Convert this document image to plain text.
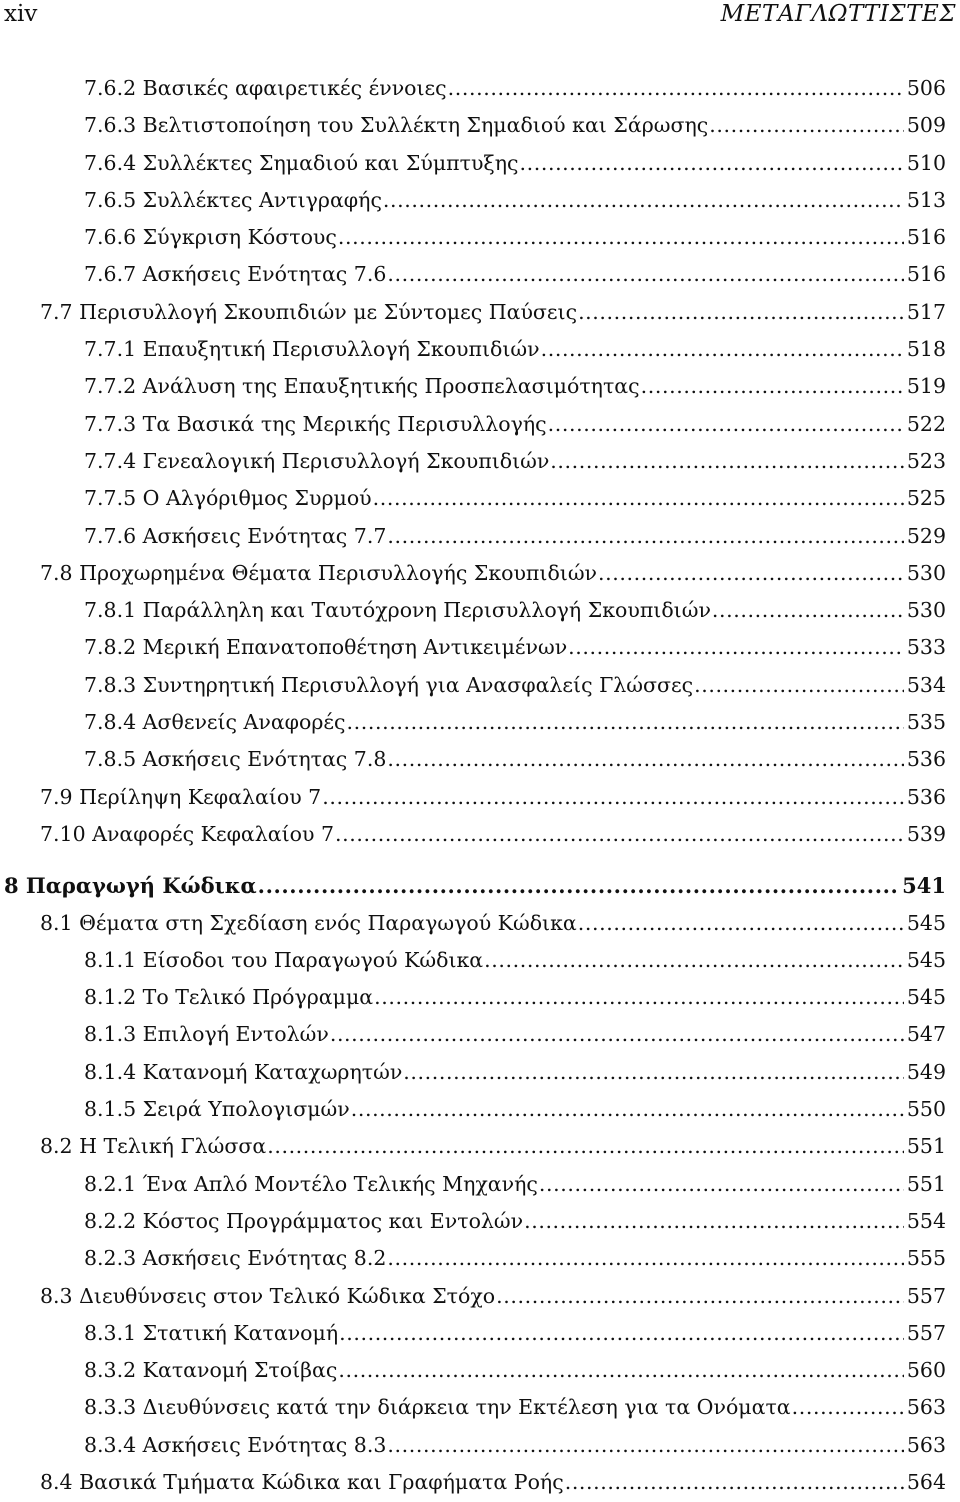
xiv	ΜΕΤΑΓΛΩΤΤΙΣΤΕΣ
7.6.2 Βασικές αφαιρετικές έννοιες .....	506
7.6.3 Βελτιστοποίηση του Συλλέκτη Σημαδιού και Σάρωσης .....	509
7.6.4 Συλλέκτες Σημαδιού και Σύμπτυξης .....	510
7.6.5 Συλλέκτες Αντιγραφής .....	513
7.6.6 Σύγκριση Κόστους .....	516
7.6.7 Ασκήσεις Ενότητας 7.6 .....	516
7.7 Περισυλλογή Σκουπιδιών με Σύντομες Παύσεις .....	517
7.7.1 Επαυξητική Περισυλλογή Σκουπιδιών .....	518
7.7.2 Ανάλυση της Επαυξητικής Προσπελασιμότητας .....	519
7.7.3 Τα Βασικά της Μερικής Περισυλλογής .....	522
7.7.4 Γενεαλογική Περισυλλογή Σκουπιδιών .....	523
7.7.5 Ο Αλγόριθμος Συρμού .....	525
7.7.6 Ασκήσεις Ενότητας 7.7 .....	529
7.8 Προχωρημένα Θέματα Περισυλλογής Σκουπιδιών .....	530
7.8.1 Παράλληλη και Ταυτόχρονη Περισυλλογή Σκουπιδιών .....	530
7.8.2 Μερική Επανατοποθέτηση Αντικειμένων .....	533
7.8.3 Συντηρητική Περισυλλογή για Ανασφαλείς Γλώσσες .....	534
7.8.4 Ασθενείς Αναφορές .....	535
7.8.5 Ασκήσεις Ενότητας 7.8 .....	536
7.9 Περίληψη Κεφαλαίου 7 .....	536
7.10 Αναφορές Κεφαλαίου 7 .....	539
8 Παραγωγή Κώδικα .....	541
8.1 Θέματα στη Σχεδίαση ενός Παραγωγού Κώδικα .....	545
8.1.1 Είσοδοι του Παραγωγού Κώδικα .....	545
8.1.2 Το Τελικό Πρόγραμμα .....	545
8.1.3 Επιλογή Εντολών .....	547
8.1.4 Κατανομή Καταχωρητών .....	549
8.1.5 Σειρά Υπολογισμών .....	550
8.2 Η Τελική Γλώσσα .....	551
8.2.1 Ένα Απλό Μοντέλο Τελικής Μηχανής .....	551
8.2.2 Κόστος Προγράμματος και Εντολών .....	554
8.2.3 Ασκήσεις Ενότητας 8.2 .....	555
8.3 Διευθύνσεις στον Τελικό Κώδικα Στόχο .....	557
8.3.1 Στατική Κατανομή .....	557
8.3.2 Κατανομή Στοίβας .....	560
8.3.3 Διευθύνσεις κατά την διάρκεια την Εκτέλεση για τα Ονόματα .....	563
8.3.4 Ασκήσεις Ενότητας 8.3 .....	563
8.4 Βασικά Τμήματα Κώδικα και Γραφήματα Ροής .....	564
